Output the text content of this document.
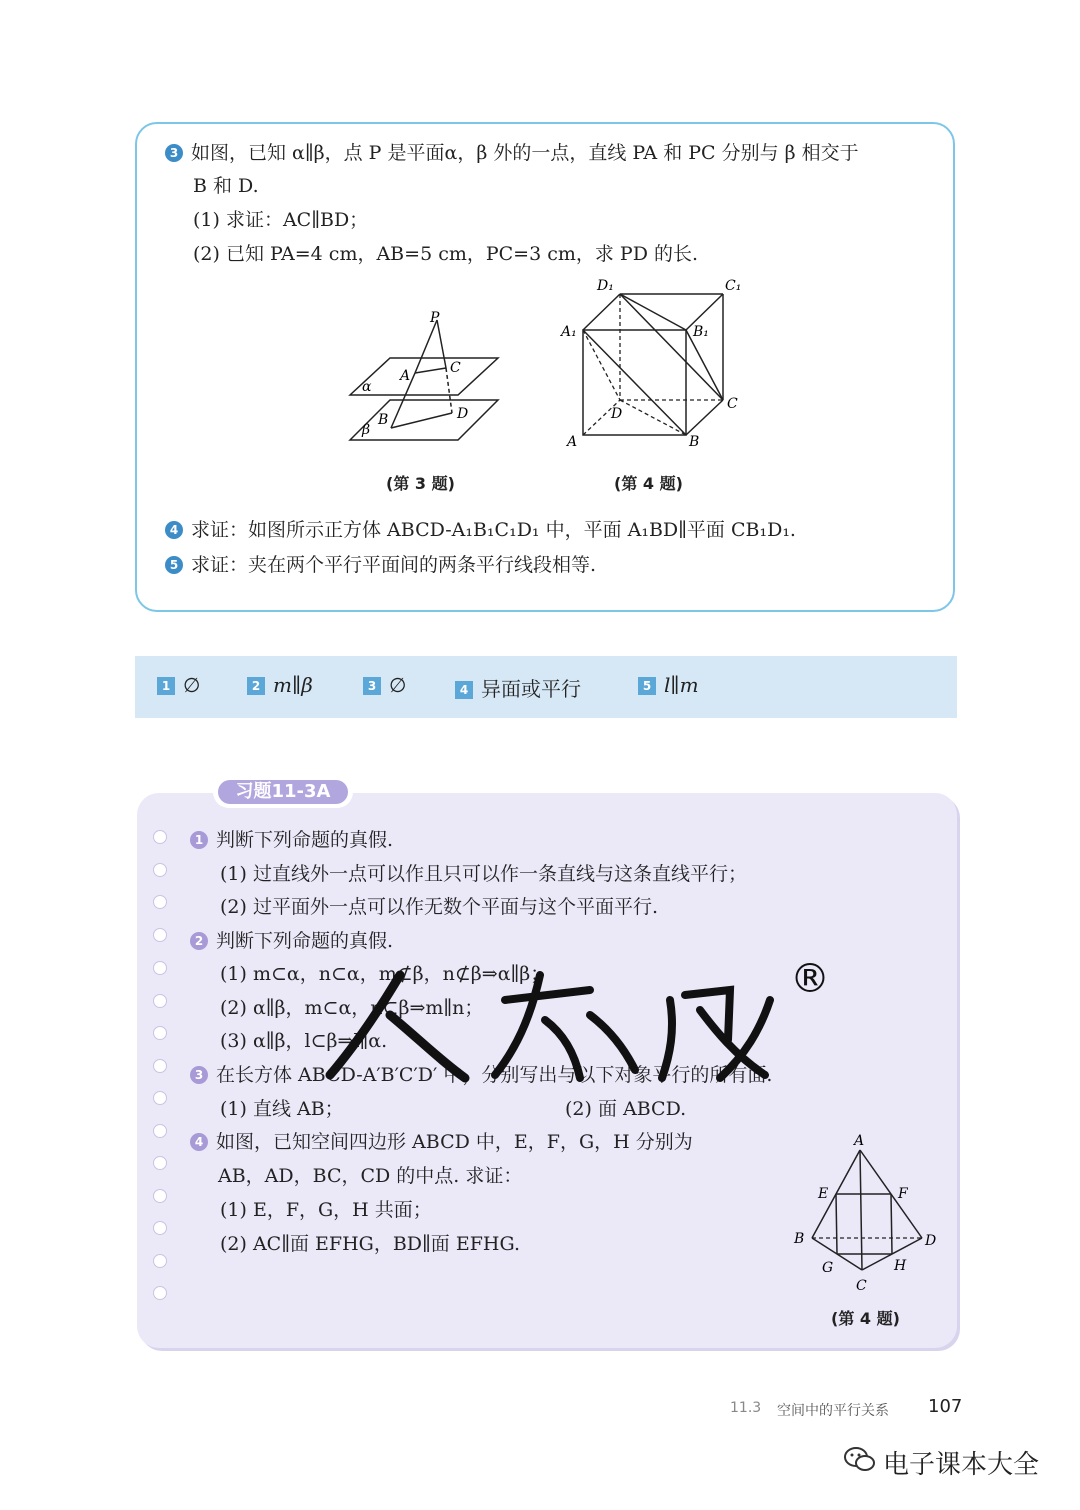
3 如图，已知 α∥β，点 P 是平面α，β 外的一点，直线 PA 和 PC 分别与 β 相交于
B 和 D.
(1) 求证：AC∥BD；
(2) 已知 PA=4 cm，AB=5 cm，PC=3 cm，求 PD 的长.
P
A	C
B	D
α
β
(第 3 题)
D₁	C₁
A₁	B₁
D
C
A	B
(第 4 题)
4 求证：如图所示正方体 ABCD-A₁B₁C₁D₁ 中，平面 A₁BD∥平面 CB₁D₁.
5 求证：夹在两个平行平面间的两条平行线段相等.
1 ∅	2 m∥β	3 ∅	4 异面或平行	5 l∥m
习题11-3A
1 判断下列命题的真假.
(1) 过直线外一点可以作且只可以作一条直线与这条直线平行；
(2) 过平面外一点可以作无数个平面与这个平面平行.
2 判断下列命题的真假.
(1) m⊂α，n⊂α，m⊄β，n⊄β⇒α∥β；
(2) α∥β，m⊂α，n⊂β⇒m∥n；
(3) α∥β，l⊂β⇒l∥α.
3 在长方体 ABCD-A′B′C′D′ 中，分别写出与以下对象平行的所有面.
(1) 直线 AB；	(2) 面 ABCD.
4 如图，已知空间四边形 ABCD 中，E，F，G，H 分别为
AB，AD，BC，CD 的中点. 求证：
(1) E，F，G，H 共面；
(2) AC∥面 EFHG，BD∥面 EFHG.
A
E	F
B	D
G	H
C
(第 4 题)
®
11.3 空间中的平行关系 107
电子课本大全
